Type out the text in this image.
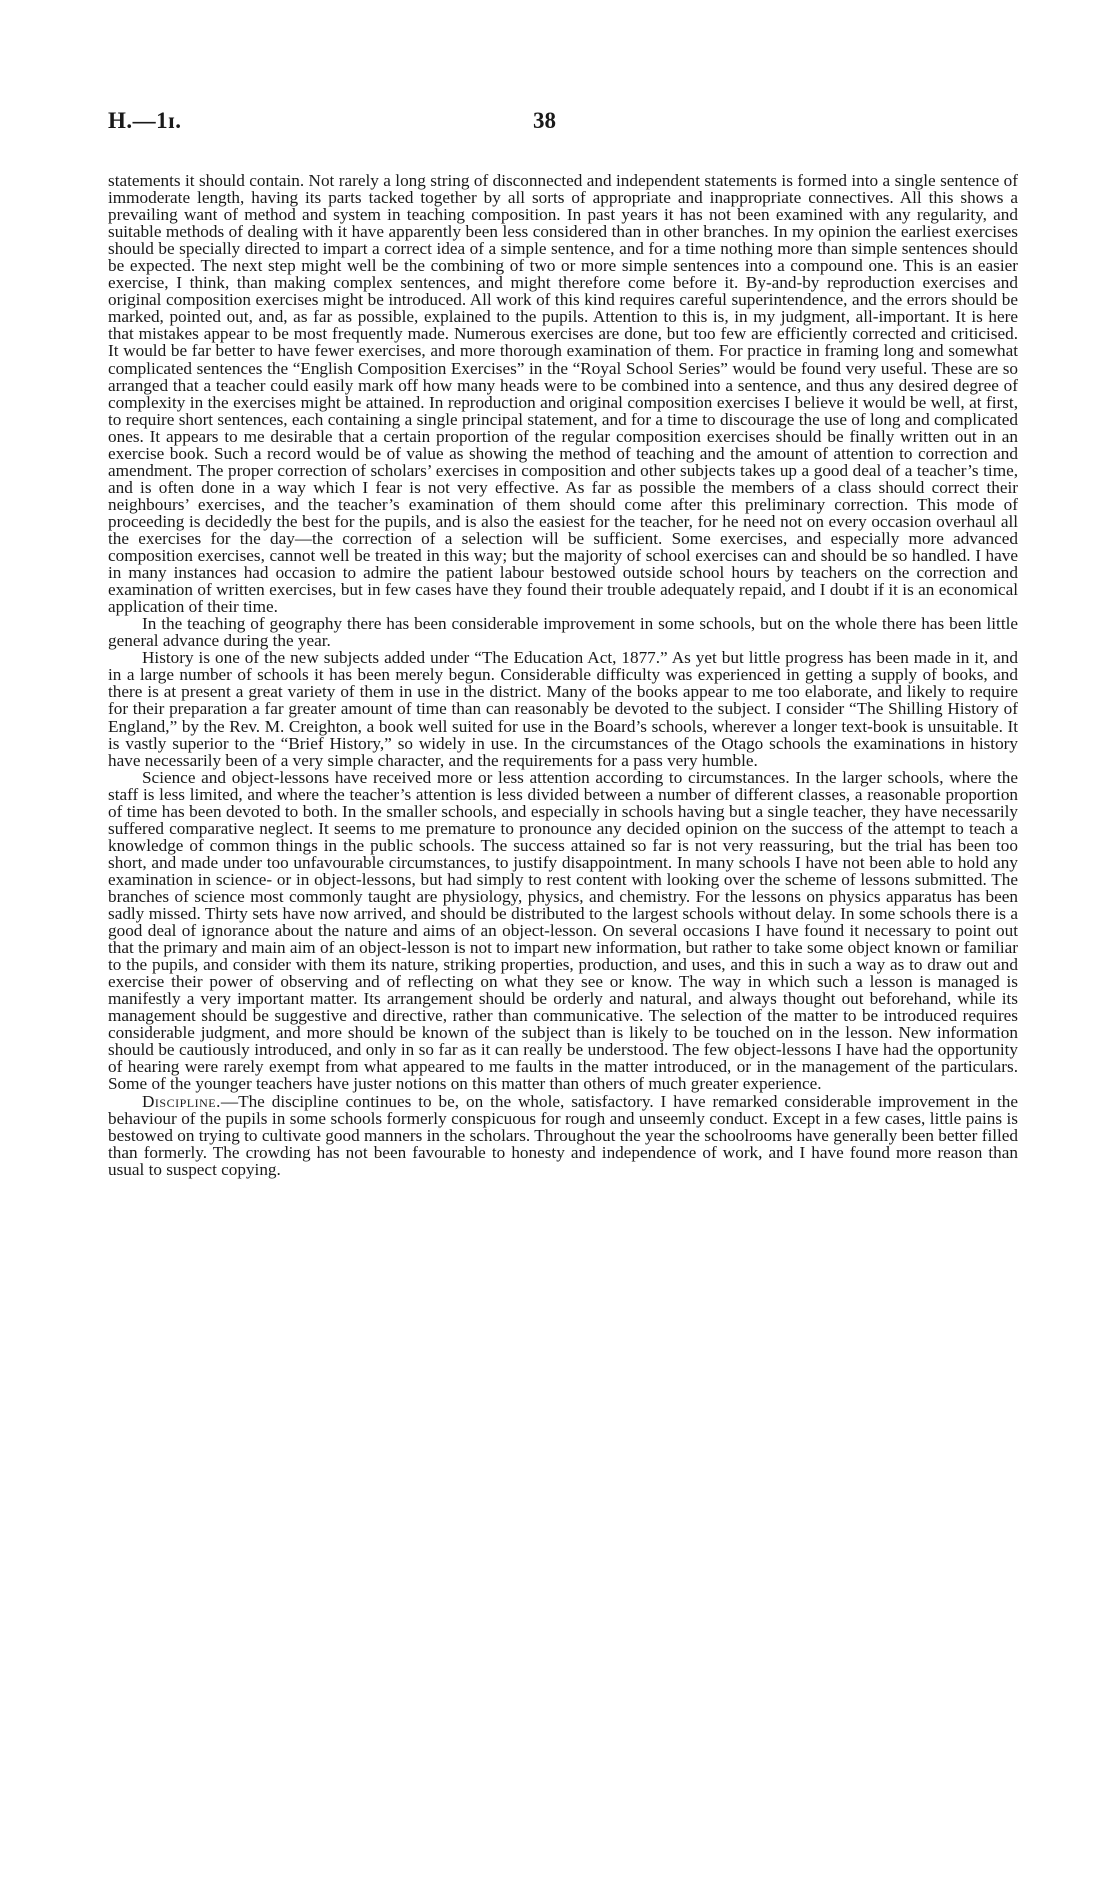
H.—1ɪ.	38

statements it should contain. Not rarely a long string of disconnected and independent statements is formed into a single sentence of immoderate length, having its parts tacked together by all sorts of appropriate and inappropriate connectives. All this shows a prevailing want of method and system in teaching composition. In past years it has not been examined with any regularity, and suitable methods of dealing with it have apparently been less considered than in other branches. In my opinion the earliest exercises should be specially directed to impart a correct idea of a simple sentence, and for a time nothing more than simple sentences should be expected. The next step might well be the combining of two or more simple sentences into a compound one. This is an easier exercise, I think, than making complex sentences, and might therefore come before it. By-and-by reproduction exercises and original composition exercises might be introduced. All work of this kind requires careful superintendence, and the errors should be marked, pointed out, and, as far as possible, explained to the pupils. Attention to this is, in my judgment, all-important. It is here that mistakes appear to be most frequently made. Numerous exercises are done, but too few are efficiently corrected and criticised. It would be far better to have fewer exercises, and more thorough examination of them. For practice in framing long and somewhat complicated sentences the “English Composition Exercises” in the “Royal School Series” would be found very useful. These are so arranged that a teacher could easily mark off how many heads were to be combined into a sentence, and thus any desired degree of complexity in the exercises might be attained. In reproduction and original composition exercises I believe it would be well, at first, to require short sentences, each containing a single principal statement, and for a time to discourage the use of long and complicated ones. It appears to me desirable that a certain proportion of the regular composition exercises should be finally written out in an exercise book. Such a record would be of value as showing the method of teaching and the amount of attention to correction and amendment. The proper correction of scholars’ exercises in composition and other subjects takes up a good deal of a teacher’s time, and is often done in a way which I fear is not very effective. As far as possible the members of a class should correct their neighbours’ exercises, and the teacher’s examination of them should come after this preliminary correction. This mode of proceeding is decidedly the best for the pupils, and is also the easiest for the teacher, for he need not on every occasion overhaul all the exercises for the day—the correction of a selection will be sufficient. Some exercises, and especially more advanced composition exercises, cannot well be treated in this way; but the majority of school exercises can and should be so handled. I have in many instances had occasion to admire the patient labour bestowed outside school hours by teachers on the correction and examination of written exercises, but in few cases have they found their trouble adequately repaid, and I doubt if it is an economical application of their time.

In the teaching of geography there has been considerable improvement in some schools, but on the whole there has been little general advance during the year.

History is one of the new subjects added under “The Education Act, 1877.” As yet but little progress has been made in it, and in a large number of schools it has been merely begun. Considerable difficulty was experienced in getting a supply of books, and there is at present a great variety of them in use in the district. Many of the books appear to me too elaborate, and likely to require for their preparation a far greater amount of time than can reasonably be devoted to the subject. I consider “The Shilling History of England,” by the Rev. M. Creighton, a book well suited for use in the Board’s schools, wherever a longer text-book is unsuitable. It is vastly superior to the “Brief History,” so widely in use. In the circumstances of the Otago schools the examinations in history have necessarily been of a very simple character, and the requirements for a pass very humble.

Science and object-lessons have received more or less attention according to circumstances. In the larger schools, where the staff is less limited, and where the teacher’s attention is less divided between a number of different classes, a reasonable proportion of time has been devoted to both. In the smaller schools, and especially in schools having but a single teacher, they have necessarily suffered comparative neglect. It seems to me premature to pronounce any decided opinion on the success of the attempt to teach a knowledge of common things in the public schools. The success attained so far is not very reassuring, but the trial has been too short, and made under too unfavourable circumstances, to justify disappointment. In many schools I have not been able to hold any examination in science- or in object-lessons, but had simply to rest content with looking over the scheme of lessons submitted. The branches of science most commonly taught are physiology, physics, and chemistry. For the lessons on physics apparatus has been sadly missed. Thirty sets have now arrived, and should be distributed to the largest schools without delay. In some schools there is a good deal of ignorance about the nature and aims of an object-lesson. On several occasions I have found it necessary to point out that the primary and main aim of an object-lesson is not to impart new information, but rather to take some object known or familiar to the pupils, and consider with them its nature, striking properties, production, and uses, and this in such a way as to draw out and exercise their power of observing and of reflecting on what they see or know. The way in which such a lesson is managed is manifestly a very important matter. Its arrangement should be orderly and natural, and always thought out beforehand, while its management should be suggestive and directive, rather than communicative. The selection of the matter to be introduced requires considerable judgment, and more should be known of the subject than is likely to be touched on in the lesson. New information should be cautiously introduced, and only in so far as it can really be understood. The few object-lessons I have had the opportunity of hearing were rarely exempt from what appeared to me faults in the matter introduced, or in the management of the particulars. Some of the younger teachers have juster notions on this matter than others of much greater experience.

Discipline.—The discipline continues to be, on the whole, satisfactory. I have remarked considerable improvement in the behaviour of the pupils in some schools formerly conspicuous for rough and unseemly conduct. Except in a few cases, little pains is bestowed on trying to cultivate good manners in the scholars. Throughout the year the schoolrooms have generally been better filled than formerly. The crowding has not been favourable to honesty and independence of work, and I have found more reason than usual to suspect copying.
